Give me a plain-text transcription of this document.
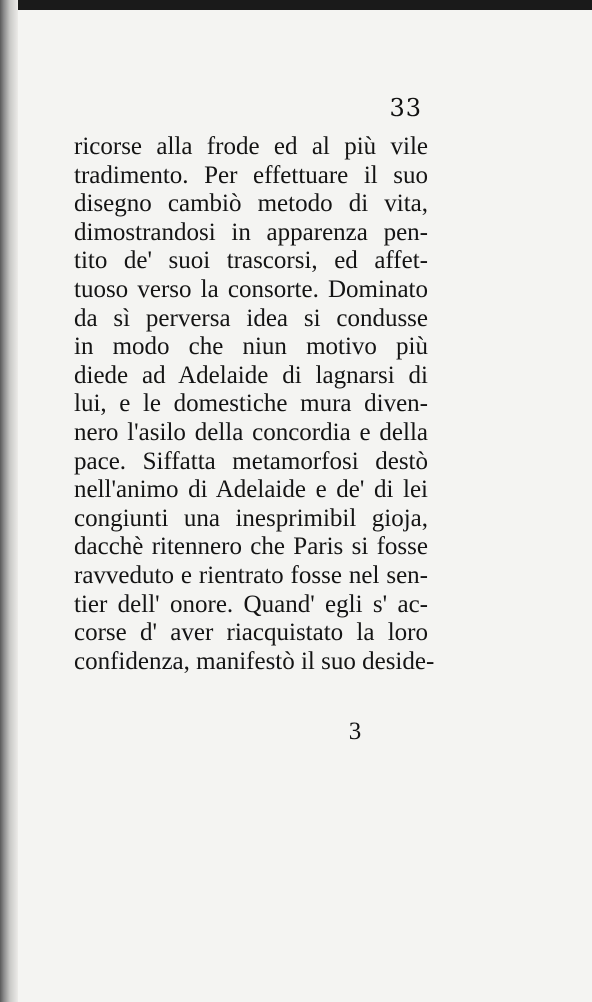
33
ricorse alla frode ed al più vile
tradimento. Per effettuare il suo
disegno cambiò metodo di vita,
dimostrandosi in apparenza pen-
tito de' suoi trascorsi, ed affet-
tuoso verso la consorte. Dominato
da sì perversa idea si condusse
in modo che niun motivo più
diede ad Adelaide di lagnarsi di
lui, e le domestiche mura diven-
nero l'asilo della concordia e della
pace. Siffatta metamorfosi destò
nell'animo di Adelaide e de' di lei
congiunti una inesprimibil gioja,
dacchè ritennero che Paris si fosse
ravveduto e rientrato fosse nel sen-
tier dell' onore. Quand' egli s' ac-
corse d' aver riacquistato la loro
confidenza, manifestò il suo deside-
3
